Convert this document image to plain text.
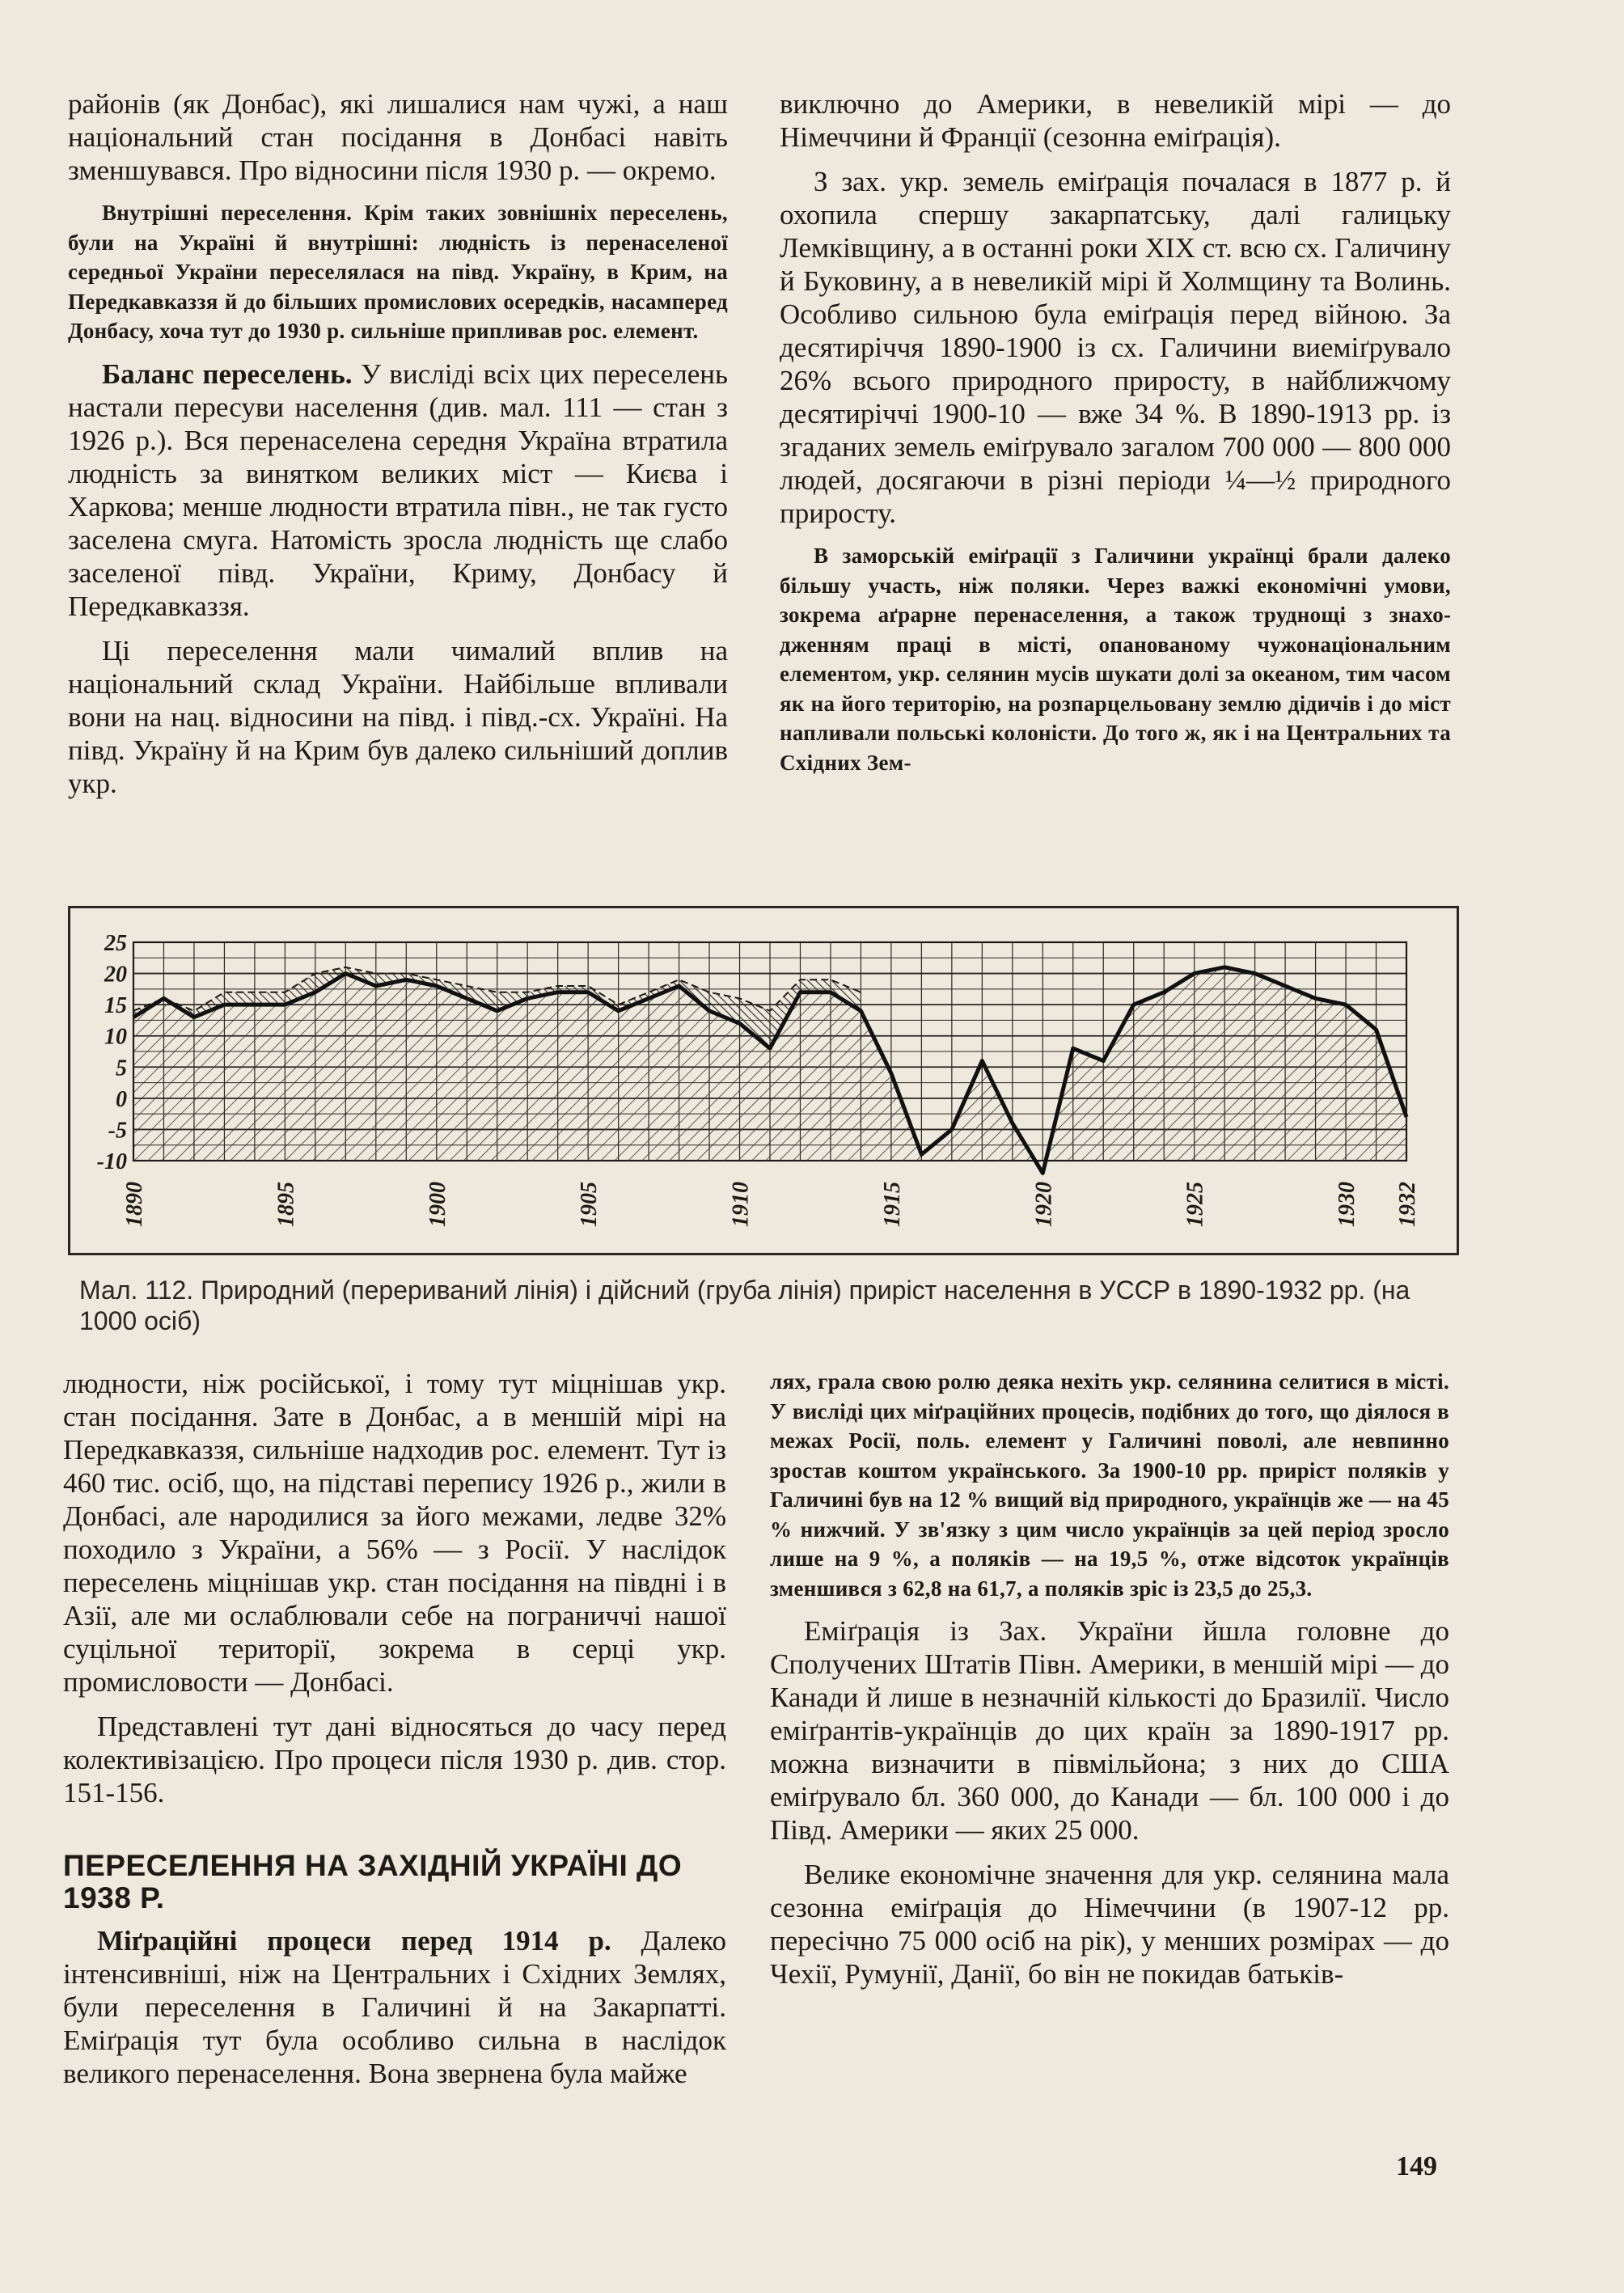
районів (як Донбас), які лишалися нам чужі, а наш національний стан посідання в Донбасі навіть зменшувався. Про відносини після 1930 р. — окремо.

Внутрішні переселення. Крім таких зовнішніх переселень, були на Україні й внутрішні: людність із перенаселеної середньої України переселялася на півд. Україну, в Крим, на Передкавказзя й до більших промислових осередків, насамперед Донбасу, хоча тут до 1930 р. сильніше припливав рос. елемент.

Баланс переселень. У висліді всіх цих переселень настали пересуви населення (див. мал. 111 — стан з 1926 р.). Вся перенаселена середня Україна втратила людність за винятком великих міст — Києва і Харкова; менше людности втратила півн., не так густо заселена смуга. Натомість зросла людність ще слабо заселеної півд. України, Криму, Донбасу й Передкавказзя.

Ці переселення мали чималий вплив на національний склад України. Найбільше впливали вони на нац. відносини на півд. і півд.-сх. Україні. На півд. Україну й на Крим був далеко сильніший доплив укр.

виключно до Америки, в невеликій мірі — до Німеччини й Франції (сезонна еміґрація).

З зах. укр. земель еміґрація почалася в 1877 р. й охопила спершу закарпатську, далі галицьку Лемківщину, а в останні роки XIX ст. всю сх. Галичину й Буковину, а в невеликій мірі й Холмщину та Волинь. Особливо сильною була еміґрація перед війною. За десятиріччя 1890-1900 із сх. Галичини виеміґрувало 26% всього природного приросту, в найближчому десятиріччі 1900-10 — вже 34 %. В 1890-1913 рр. із згаданих земель еміґрувало загалом 700 000 — 800 000 людей, досягаючи в різні періоди ¼—½ природного приросту.

В заморській еміґрації з Галичини українці брали далеко більшу участь, ніж поляки. Через важкі економічні умови, зокрема аґрарне перенаселення, а також труднощі з знаходженням праці в місті, опанованому чужонаціональним елементом, укр. селянин мусів шукати долі за океаном, тим часом як на його територію, на розпарцельовану землю дідичів і до міст напливали польські колоністи. До того ж, як і на Центральних та Східних Зем-

25
20
15
10
5
0
-5
-10
1890	1895	1900	1905	1910	1915	1920	1925	1930 1932
Мал. 112. Природний (перериваний лінія) і дійсний (груба лінія) приріст населення в УССР в 1890-1932 рр. (на 1000 осіб)

людности, ніж російської, і тому тут міцнішав укр. стан посідання. Зате в Донбас, а в меншій мірі на Передкавказзя, сильніше надходив рос. елемент. Тут із 460 тис. осіб, що, на підставі перепису 1926 р., жили в Донбасі, але народилися за його межами, ледве 32% походило з України, а 56% — з Росії. У наслідок переселень міцнішав укр. стан посідання на півдні і в Азії, але ми ослаблювали себе на пограниччі нашої суцільної території, зокрема в серці укр. промисловости — Донбасі.

Представлені тут дані відносяться до часу перед колективізацією. Про процеси після 1930 р. див. стор. 151-156.

ПЕРЕСЕЛЕННЯ НА ЗАХІДНІЙ УКРАЇНІ ДО 1938 Р.

Міґраційні процеси перед 1914 р. Далеко інтенсивніші, ніж на Центральних і Східних Землях, були переселення в Галичині й на Закарпатті. Еміґрація тут була особливо сильна в наслідок великого перенаселення. Вона звернена була майже

лях, грала свою ролю деяка нехіть укр. селянина селитися в місті. У висліді цих міґраційних процесів, подібних до того, що діялося в межах Росії, поль. елемент у Галичині поволі, але невпинно зростав коштом українського. За 1900-10 рр. приріст поляків у Галичині був на 12 % вищий від природного, українців же — на 45 % нижчий. У зв'язку з цим число українців за цей період зросло лише на 9 %, а поляків — на 19,5 %, отже відсоток українців зменшився з 62,8 на 61,7, а поляків зріс із 23,5 до 25,3.

Еміґрація із Зах. України йшла головне до Сполучених Штатів Півн. Америки, в меншій мірі — до Канади й лише в незначній кількості до Бразилії. Число еміґрантів-українців до цих країн за 1890-1917 рр. можна визначити в півмільйона; з них до США еміґрувало бл. 360 000, до Канади — бл. 100 000 і до Півд. Америки — яких 25 000.

Велике економічне значення для укр. селянина мала сезонна еміґрація до Німеччини (в 1907-12 рр. пересічно 75 000 осіб на рік), у менших розмірах — до Чехії, Румунії, Данії, бо він не покидав батьків-

149
